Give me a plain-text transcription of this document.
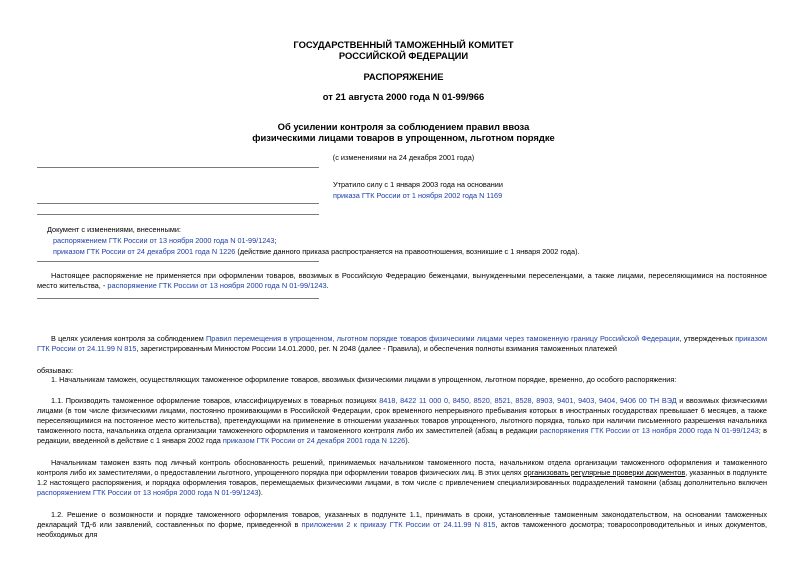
ГОСУДАРСТВЕННЫЙ ТАМОЖЕННЫЙ КОМИТЕТ
РОССИЙСКОЙ ФЕДЕРАЦИИ
РАСПОРЯЖЕНИЕ
от 21 августа 2000 года N 01-99/966
Об усилении контроля за соблюдением правил ввоза
физическими лицами товаров в упрощенном, льготном порядке
(с изменениями на 24 декабря 2001 года)
Утратило силу с 1 января 2003 года на основании
приказа ГТК России от 1 ноября 2002 года N 1169
Документ с изменениями, внесенными:
распоряжением ГТК России от 13 ноября 2000 года N 01-99/1243;
приказом ГТК России от 24 декабря 2001 года N 1226 (действие данного приказа распространяется на правоотношения, возникшие с 1 января 2002 года).
Настоящее распоряжение не применяется при оформлении товаров, ввозимых в Российскую Федерацию беженцами, вынужденными переселенцами, а также лицами, переселяющимися на постоянное место жительства, - распоряжение ГТК России от 13 ноября 2000 года N 01-99/1243.
В целях усиления контроля за соблюдением Правил перемещения в упрощенном, льготном порядке товаров физическими лицами через таможенную границу Российской Федерации, утвержденных приказом ГТК России от 24.11.99 N 815, зарегистрированным Минюстом России 14.01.2000, рег. N 2048 (далее - Правила), и обеспечения полноты взимания таможенных платежей
обязываю:
1. Начальникам таможен, осуществляющих таможенное оформление товаров, ввозимых физическими лицами в упрощенном, льготном порядке, временно, до особого распоряжения:
1.1. Производить таможенное оформление товаров, классифицируемых в товарных позициях 8418, 8422 11 000 0, 8450, 8520, 8521, 8528, 8903, 9401, 9403, 9404, 9406 00 ТН ВЭД и ввозимых физическими лицами (в том числе физическими лицами, постоянно проживающими в Российской Федерации, срок временного непрерывного пребывания которых в иностранных государствах превышает 6 месяцев, а также переселяющимися на постоянное место жительства), претендующими на применение в отношении указанных товаров упрощенного, льготного порядка, только при наличии письменного разрешения начальника таможенного поста, начальника отдела организации таможенного оформления и таможенного контроля либо их заместителей (абзац в редакции распоряжения ГТК России от 13 ноября 2000 года N 01-99/1243; в редакции, введенной в действие с 1 января 2002 года приказом ГТК России от 24 декабря 2001 года N 1226).
Начальникам таможен взять под личный контроль обоснованность решений, принимаемых начальником таможенного поста, начальником отдела организации таможенного оформления и таможенного контроля либо их заместителями, о предоставлении льготного, упрощенного порядка при оформлении товаров физических лиц. В этих целях организовать регулярные проверки документов, указанных в подпункте 1.2 настоящего распоряжения, и порядка оформления товаров, перемещаемых физическими лицами, в том числе с привлечением специализированных подразделений таможни (абзац дополнительно включен распоряжением ГТК России от 13 ноября 2000 года N 01-99/1243).
1.2. Решение о возможности и порядке таможенного оформления товаров, указанных в подпункте 1.1, принимать в сроки, установленные таможенным законодательством, на основании таможенных деклараций ТД-6 или заявлений, составленных по форме, приведенной в приложении 2 к приказу ГТК России от 24.11.99 N 815, актов таможенного досмотра; товаросопроводительных и иных документов, необходимых для
